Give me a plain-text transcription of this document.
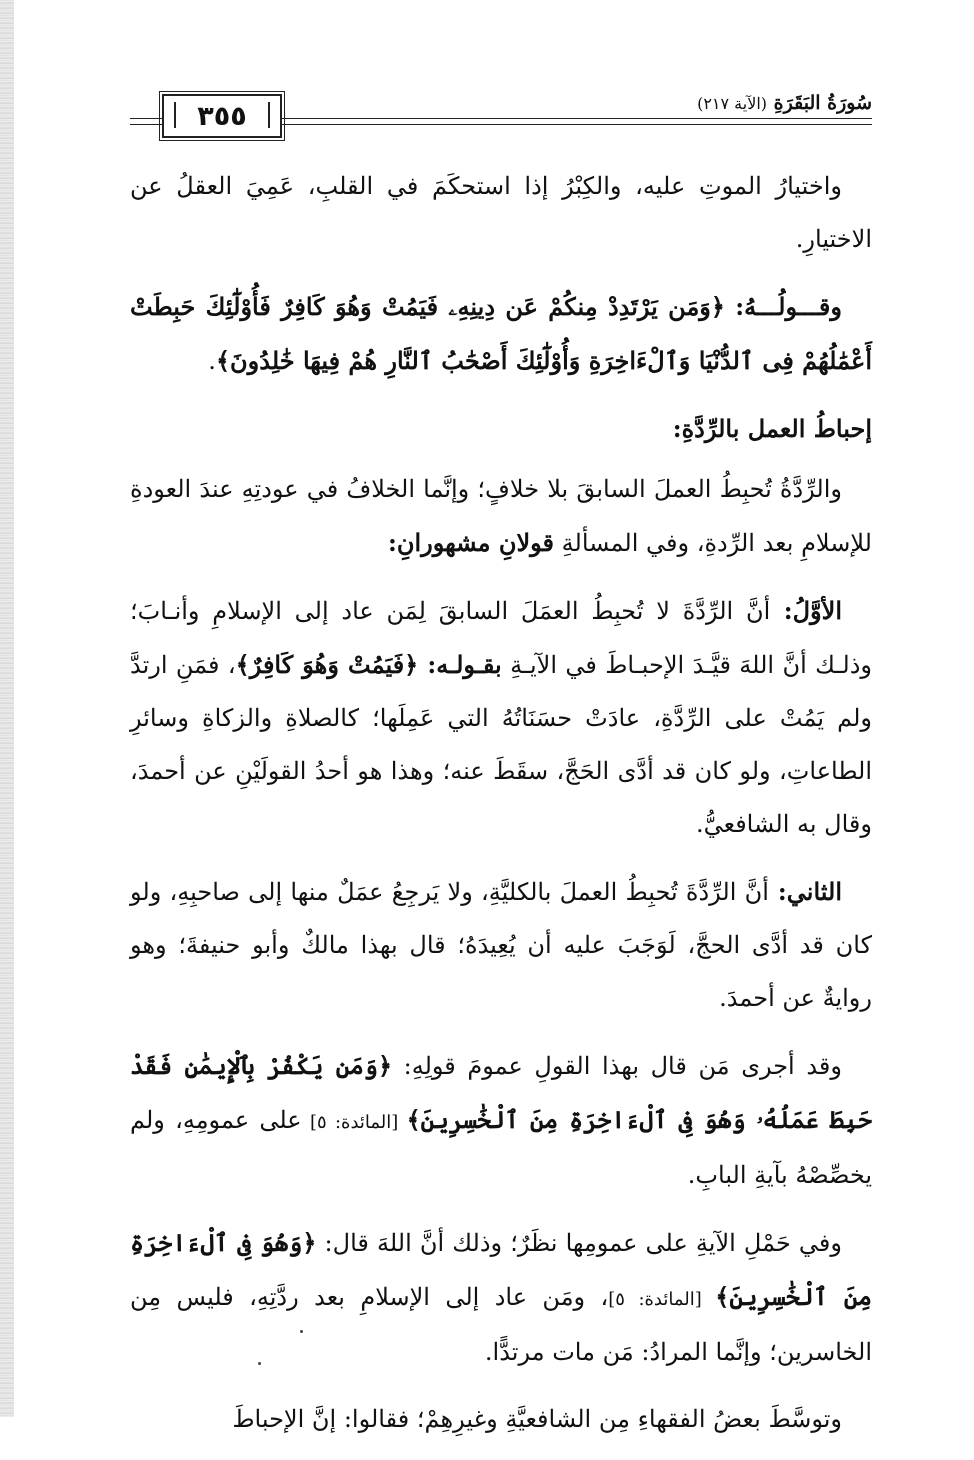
٣٥٥	سُورَةُ البَقَرَةِ (الآية ٢١٧)

واختيارُ الموتِ عليه، والكِبْرُ إذا استحكَمَ في القلبِ، عَمِيَ العقلُ عن الاختيارِ.

وقـــولُـــهُ: ﴿وَمَن يَرْتَدِدْ مِنكُمْ عَن دِينِهِۦ فَيَمُتْ وَهُوَ كَافِرٌ فَأُوْلَٰٓئِكَ حَبِطَتْ أَعْمَٰلُهُمْ فِى ٱلدُّنْيَا وَٱلْءَاخِرَةِ وَأُوْلَٰٓئِكَ أَصْحَٰبُ ٱلنَّارِ هُمْ فِيهَا خَٰلِدُونَ﴾.

إحباطُ العمل بالرِّدَّةِ:

والرِّدَّةُ تُحبِطُ العملَ السابقَ بلا خلافٍ؛ وإنَّما الخلافُ في عودتِهِ عندَ العودةِ للإسلامِ بعد الرِّدةِ، وفي المسألةِ قولانِ مشهورانِ:

الأوَّلُ: أنَّ الرِّدَّةَ لا تُحبِطُ العمَلَ السابقَ لِمَن عاد إلى الإسلامِ وأنـابَ؛ وذلـك أنَّ اللهَ قيَّـدَ الإحبـاطَ في الآيـةِ بقـولـه: ﴿فَيَمُتْ وَهُوَ كَافِرٌ﴾، فمَنِ ارتدَّ ولم يَمُتْ على الرِّدَّةِ، عادَتْ حسَنَاتُهُ التي عَمِلَها؛ كالصلاةِ والزكاةِ وسائرِ الطاعاتِ، ولو كان قد أدَّى الحَجَّ، سقَطَ عنه؛ وهذا هو أحدُ القولَيْنِ عن أحمدَ، وقال به الشافعيُّ.

الثاني: أنَّ الرِّدَّةَ تُحبِطُ العملَ بالكليَّةِ، ولا يَرجِعُ عمَلٌ منها إلى صاحبِهِ، ولو كان قد أدَّى الحجَّ، لَوَجَبَ عليه أن يُعِيدَهُ؛ قال بهذا مالكٌ وأبو حنيفةَ؛ وهو روايةٌ عن أحمدَ.

وقد أجرى مَن قال بهذا القولِ عمومَ قولِهِ: ﴿وَمَن يَكْفُرْ بِٱلْإِيمَٰنِ فَقَدْ حَبِطَ عَمَلُهُۥ وَهُوَ فِى ٱلْءَاخِرَةِ مِنَ ٱلْخَٰسِرِينَ﴾ [المائدة: ٥] على عمومِهِ، ولم يخصِّصْهُ بآيةِ البابِ.

وفي حَمْلِ الآيةِ على عمومِها نظَرٌ؛ وذلك أنَّ اللهَ قال: ﴿وَهُوَ فِى ٱلْءَاخِرَةِ مِنَ ٱلْخَٰسِرِينَ﴾ [المائدة: ٥]، ومَن عاد إلى الإسلامِ بعد ردَّتِهِ، فليس مِن الخاسرين؛ وإنَّما المرادُ: مَن مات مرتدًّا.

وتوسَّطَ بعضُ الفقهاءِ مِن الشافعيَّةِ وغيرِهِمْ؛ فقالوا: إنَّ الإحباطَ
